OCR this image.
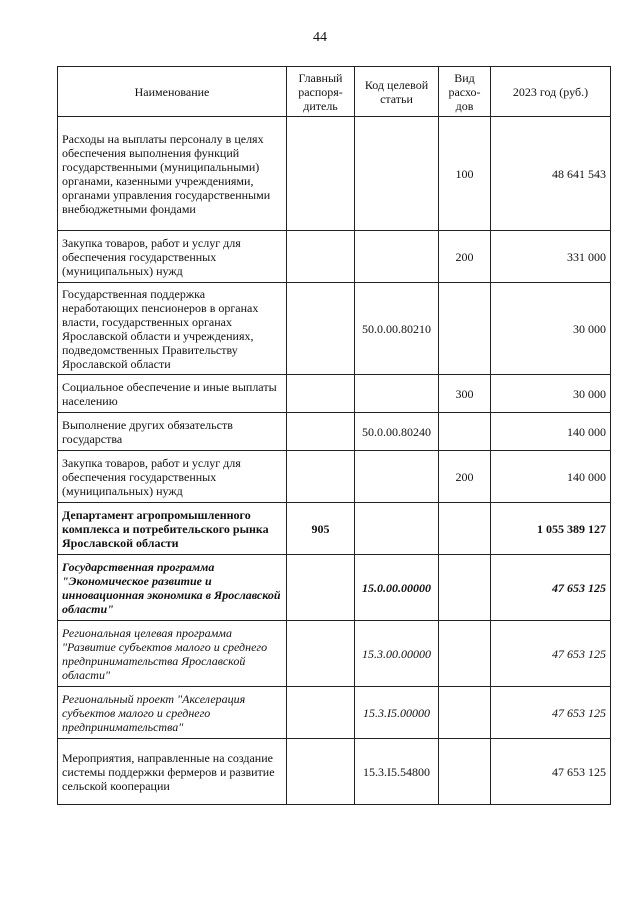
44
Наименование	Главный распоря- дитель	Код целевой статьи	Вид расхо- дов	2023 год (руб.)
Расходы на выплаты персоналу в целях обеспечения выполнения функций государственными (муниципальными) органами, казенными учреждениями, органами управления государственными внебюджетными фондами			100	48 641 543
Закупка товаров, работ и услуг для обеспечения государственных (муниципальных) нужд			200	331 000
Государственная поддержка неработающих пенсионеров в органах власти, государственных органах Ярославской области и учреждениях, подведомственных Правительству Ярославской области		50.0.00.80210		30 000
Социальное обеспечение и иные выплаты населению			300	30 000
Выполнение других обязательств государства		50.0.00.80240		140 000
Закупка товаров, работ и услуг для обеспечения государственных (муниципальных) нужд			200	140 000
Департамент агропромышленного комплекса и потребительского рынка Ярославской области	905			1 055 389 127
Государственная программа "Экономическое развитие и инновационная экономика в Ярославской области"		15.0.00.00000		47 653 125
Региональная целевая программа "Развитие субъектов малого и среднего предпринимательства Ярославской области"		15.3.00.00000		47 653 125
Региональный проект "Акселерация субъектов малого и среднего предпринимательства"		15.3.I5.00000		47 653 125
Мероприятия, направленные на создание системы поддержки фермеров и развитие сельской кооперации		15.3.I5.54800		47 653 125
